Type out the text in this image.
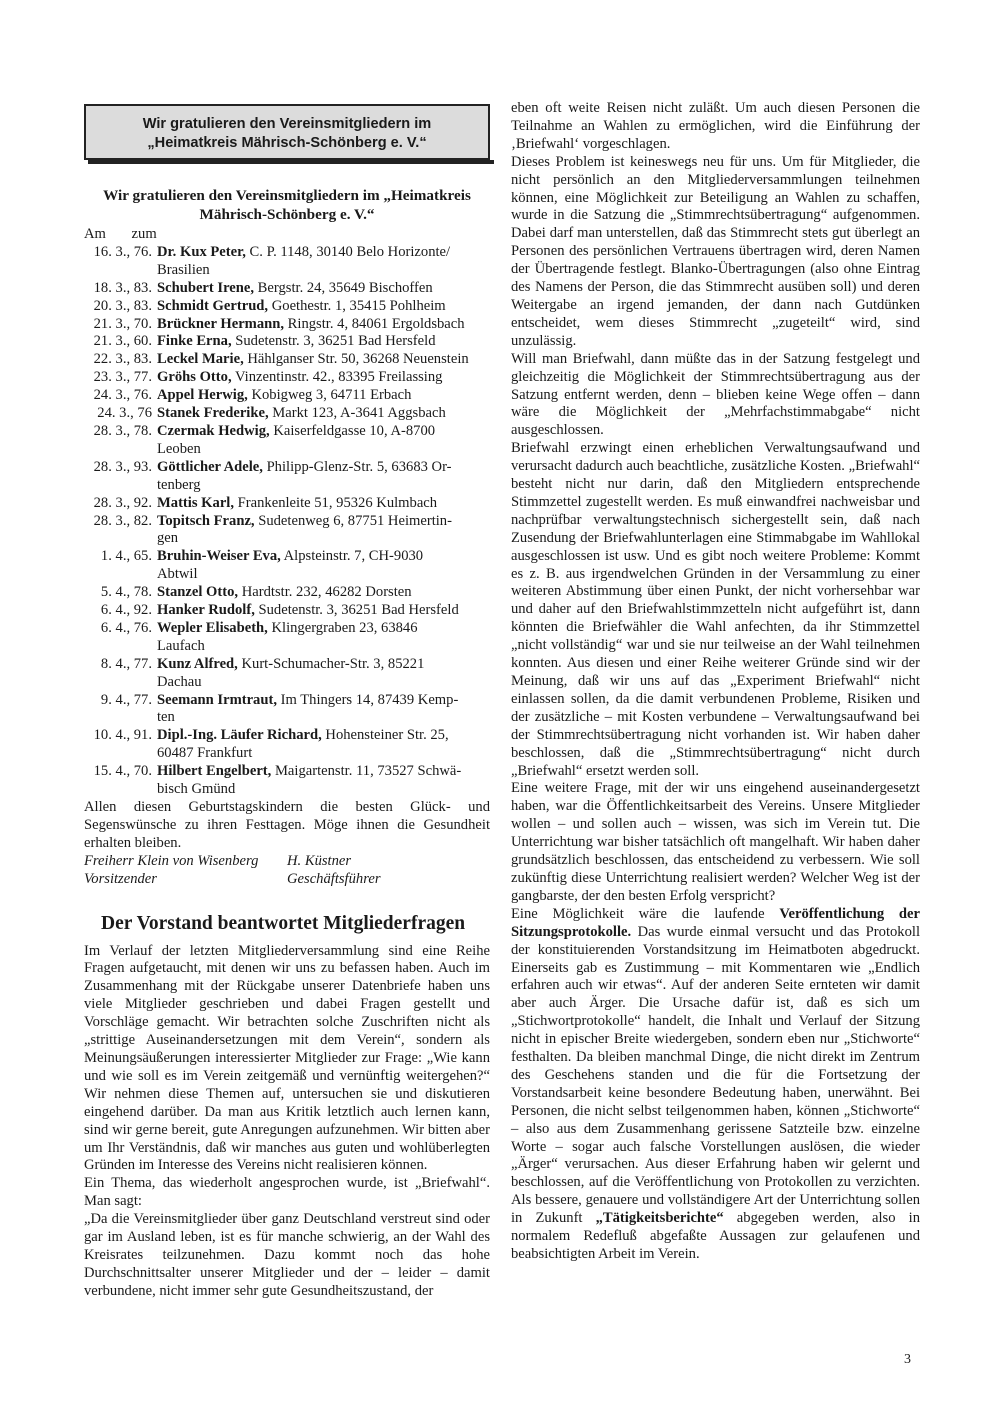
Wir gratulieren den Vereinsmitgliedern im
„Heimatkreis Mährisch-Schönberg e. V.“
Wir gratulieren den Vereinsmitgliedern im „Heimatkreis
Mährisch-Schönberg e. V.“
Am zum
16. 3., 76. Dr. Kux Peter, C. P. 1148, 30140 Belo Horizonte/
Brasilien
18. 3., 83. Schubert Irene, Bergstr. 24, 35649 Bischoffen
20. 3., 83. Schmidt Gertrud, Goethestr. 1, 35415 Pohlheim
21. 3., 70. Brückner Hermann, Ringstr. 4, 84061 Ergoldsbach
21. 3., 60. Finke Erna, Sudetenstr. 3, 36251 Bad Hersfeld
22. 3., 83. Leckel Marie, Hählganser Str. 50, 36268 Neuenstein
23. 3., 77. Gröhs Otto, Vinzentinstr. 42., 83395 Freilassing
24. 3., 76. Appel Herwig, Kobigweg 3, 64711 Erbach
24. 3., 76 Stanek Frederike, Markt 123, A-3641 Aggsbach
28. 3., 78. Czermak Hedwig, Kaiserfeldgasse 10, A-8700
Leoben
28. 3., 93. Göttlicher Adele, Philipp-Glenz-Str. 5, 63683 Or-
tenberg
28. 3., 92. Mattis Karl, Frankenleite 51, 95326 Kulmbach
28. 3., 82. Topitsch Franz, Sudetenweg 6, 87751 Heimertin-
gen
1. 4., 65. Bruhin-Weiser Eva, Alpsteinstr. 7, CH-9030
Abtwil
5. 4., 78. Stanzel Otto, Hardtstr. 232, 46282 Dorsten
6. 4., 92. Hanker Rudolf, Sudetenstr. 3, 36251 Bad Hersfeld
6. 4., 76. Wepler Elisabeth, Klingergraben 23, 63846
Laufach
8. 4., 77. Kunz Alfred, Kurt-Schumacher-Str. 3, 85221
Dachau
9. 4., 77. Seemann Irmtraut, Im Thingers 14, 87439 Kemp-
ten
10. 4., 91. Dipl.-Ing. Läufer Richard, Hohensteiner Str. 25,
60487 Frankfurt
15. 4., 70. Hilbert Engelbert, Maigartenstr. 11, 73527 Schwä-
bisch Gmünd

Allen diesen Geburtstagskindern die besten Glück- und Segenswünsche zu ihren Festtagen. Möge ihnen die Gesundheit erhalten bleiben.

Freiherr Klein von Wisenberg
Vorsitzender
H. Küstner
Geschäftsführer
Der Vorstand beantwortet Mitgliederfragen

Im Verlauf der letzten Mitgliederversammlung sind eine Reihe Fragen aufgetaucht, mit denen wir uns zu befassen haben. Auch im Zusammenhang mit der Rückgabe unserer Datenbriefe haben uns viele Mitglieder geschrieben und dabei Fragen gestellt und Vorschläge gemacht. Wir betrachten solche Zuschriften nicht als „strittige Auseinandersetzungen mit dem Verein“, sondern als Meinungsäußerungen interessierter Mitglieder zur Frage: „Wie kann und wie soll es im Verein zeitgemäß und vernünftig weitergehen?“ Wir nehmen diese Themen auf, untersuchen sie und diskutieren eingehend darüber. Da man aus Kritik letztlich auch lernen kann, sind wir gerne bereit, gute Anregungen aufzunehmen. Wir bitten aber um Ihr Verständnis, daß wir manches aus guten und wohlüberlegten Gründen im Interesse des Vereins nicht realisieren können.

Ein Thema, das wiederholt angesprochen wurde, ist „Briefwahl“. Man sagt:

„Da die Vereinsmitglieder über ganz Deutschland verstreut sind oder gar im Ausland leben, ist es für manche schwierig, an der Wahl des Kreisrates teilzunehmen. Dazu kommt noch das hohe Durchschnittsalter unserer Mitglieder und der – leider – damit verbundene, nicht immer sehr gute Gesundheitszustand, der

eben oft weite Reisen nicht zuläßt. Um auch diesen Personen die Teilnahme an Wahlen zu ermöglichen, wird die Einführung der ‚Briefwahl‘ vorgeschlagen.

Dieses Problem ist keineswegs neu für uns. Um für Mitglieder, die nicht persönlich an den Mitgliederversammlungen teilnehmen können, eine Möglichkeit zur Beteiligung an Wahlen zu schaffen, wurde in die Satzung die „Stimmrechtsübertragung“ aufgenommen. Dabei darf man unterstellen, daß das Stimmrecht stets gut überlegt an Personen des persönlichen Vertrauens übertragen wird, deren Namen der Übertragende festlegt. Blanko-Übertragungen (also ohne Eintrag des Namens der Person, die das Stimmrecht ausüben soll) und deren Weitergabe an irgend jemanden, der dann nach Gutdünken entscheidet, wem dieses Stimmrecht „zugeteilt“ wird, sind unzulässig.

Will man Briefwahl, dann müßte das in der Satzung festgelegt und gleichzeitig die Möglichkeit der Stimmrechtsübertragung aus der Satzung entfernt werden, denn – blieben keine Wege offen – dann wäre die Möglichkeit der „Mehrfachstimmabgabe“ nicht ausgeschlossen.

Briefwahl erzwingt einen erheblichen Verwaltungsaufwand und verursacht dadurch auch beachtliche, zusätzliche Kosten. „Briefwahl“ besteht nicht nur darin, daß den Mitgliedern entsprechende Stimmzettel zugestellt werden. Es muß einwandfrei nachweisbar und nachprüfbar verwaltungstechnisch sichergestellt sein, daß nach Zusendung der Briefwahlunterlagen eine Stimmabgabe im Wahllokal ausgeschlossen ist usw. Und es gibt noch weitere Probleme: Kommt es z. B. aus irgendwelchen Gründen in der Versammlung zu einer weiteren Abstimmung über einen Punkt, der nicht vorhersehbar war und daher auf den Briefwahlstimmzetteln nicht aufgeführt ist, dann könnten die Briefwähler die Wahl anfechten, da ihr Stimmzettel „nicht vollständig“ war und sie nur teilweise an der Wahl teilnehmen konnten. Aus diesen und einer Reihe weiterer Gründe sind wir der Meinung, daß wir uns auf das „Experiment Briefwahl“ nicht einlassen sollen, da die damit verbundenen Probleme, Risiken und der zusätzliche – mit Kosten verbundene – Verwaltungsaufwand bei der Stimmrechtsübertragung nicht vorhanden ist. Wir haben daher beschlossen, daß die „Stimmrechtsübertragung“ nicht durch „Briefwahl“ ersetzt werden soll.

Eine weitere Frage, mit der wir uns eingehend auseinandergesetzt haben, war die Öffentlichkeitsarbeit des Vereins. Unsere Mitglieder wollen – und sollen auch – wissen, was sich im Verein tut. Die Unterrichtung war bisher tatsächlich oft mangelhaft. Wir haben daher grundsätzlich beschlossen, das entscheidend zu verbessern. Wie soll zukünftig diese Unterrichtung realisiert werden? Welcher Weg ist der gangbarste, der den besten Erfolg verspricht?

Eine Möglichkeit wäre die laufende Veröffentlichung der Sitzungsprotokolle. Das wurde einmal versucht und das Protokoll der konstituierenden Vorstandsitzung im Heimatboten abgedruckt. Einerseits gab es Zustimmung – mit Kommentaren wie „Endlich erfahren auch wir etwas“. Auf der anderen Seite ernteten wir damit aber auch Ärger. Die Ursache dafür ist, daß es sich um „Stichwortprotokolle“ handelt, die Inhalt und Verlauf der Sitzung nicht in epischer Breite wiedergeben, sondern eben nur „Stichworte“ festhalten. Da bleiben manchmal Dinge, die nicht direkt im Zentrum des Geschehens standen und die für die Fortsetzung der Vorstandsarbeit keine besondere Bedeutung haben, unerwähnt. Bei Personen, die nicht selbst teilgenommen haben, können „Stichworte“ – also aus dem Zusammenhang gerissene Satzteile bzw. einzelne Worte – sogar auch falsche Vorstellungen auslösen, die wieder „Ärger“ verursachen. Aus dieser Erfahrung haben wir gelernt und beschlossen, auf die Veröffentlichung von Protokollen zu verzichten. Als bessere, genauere und vollständigere Art der Unterrichtung sollen in Zukunft „Tätigkeitsberichte“ abgegeben werden, also in normalem Redefluß abgefaßte Aussagen zur gelaufenen und beabsichtigten Arbeit im Verein.

3
